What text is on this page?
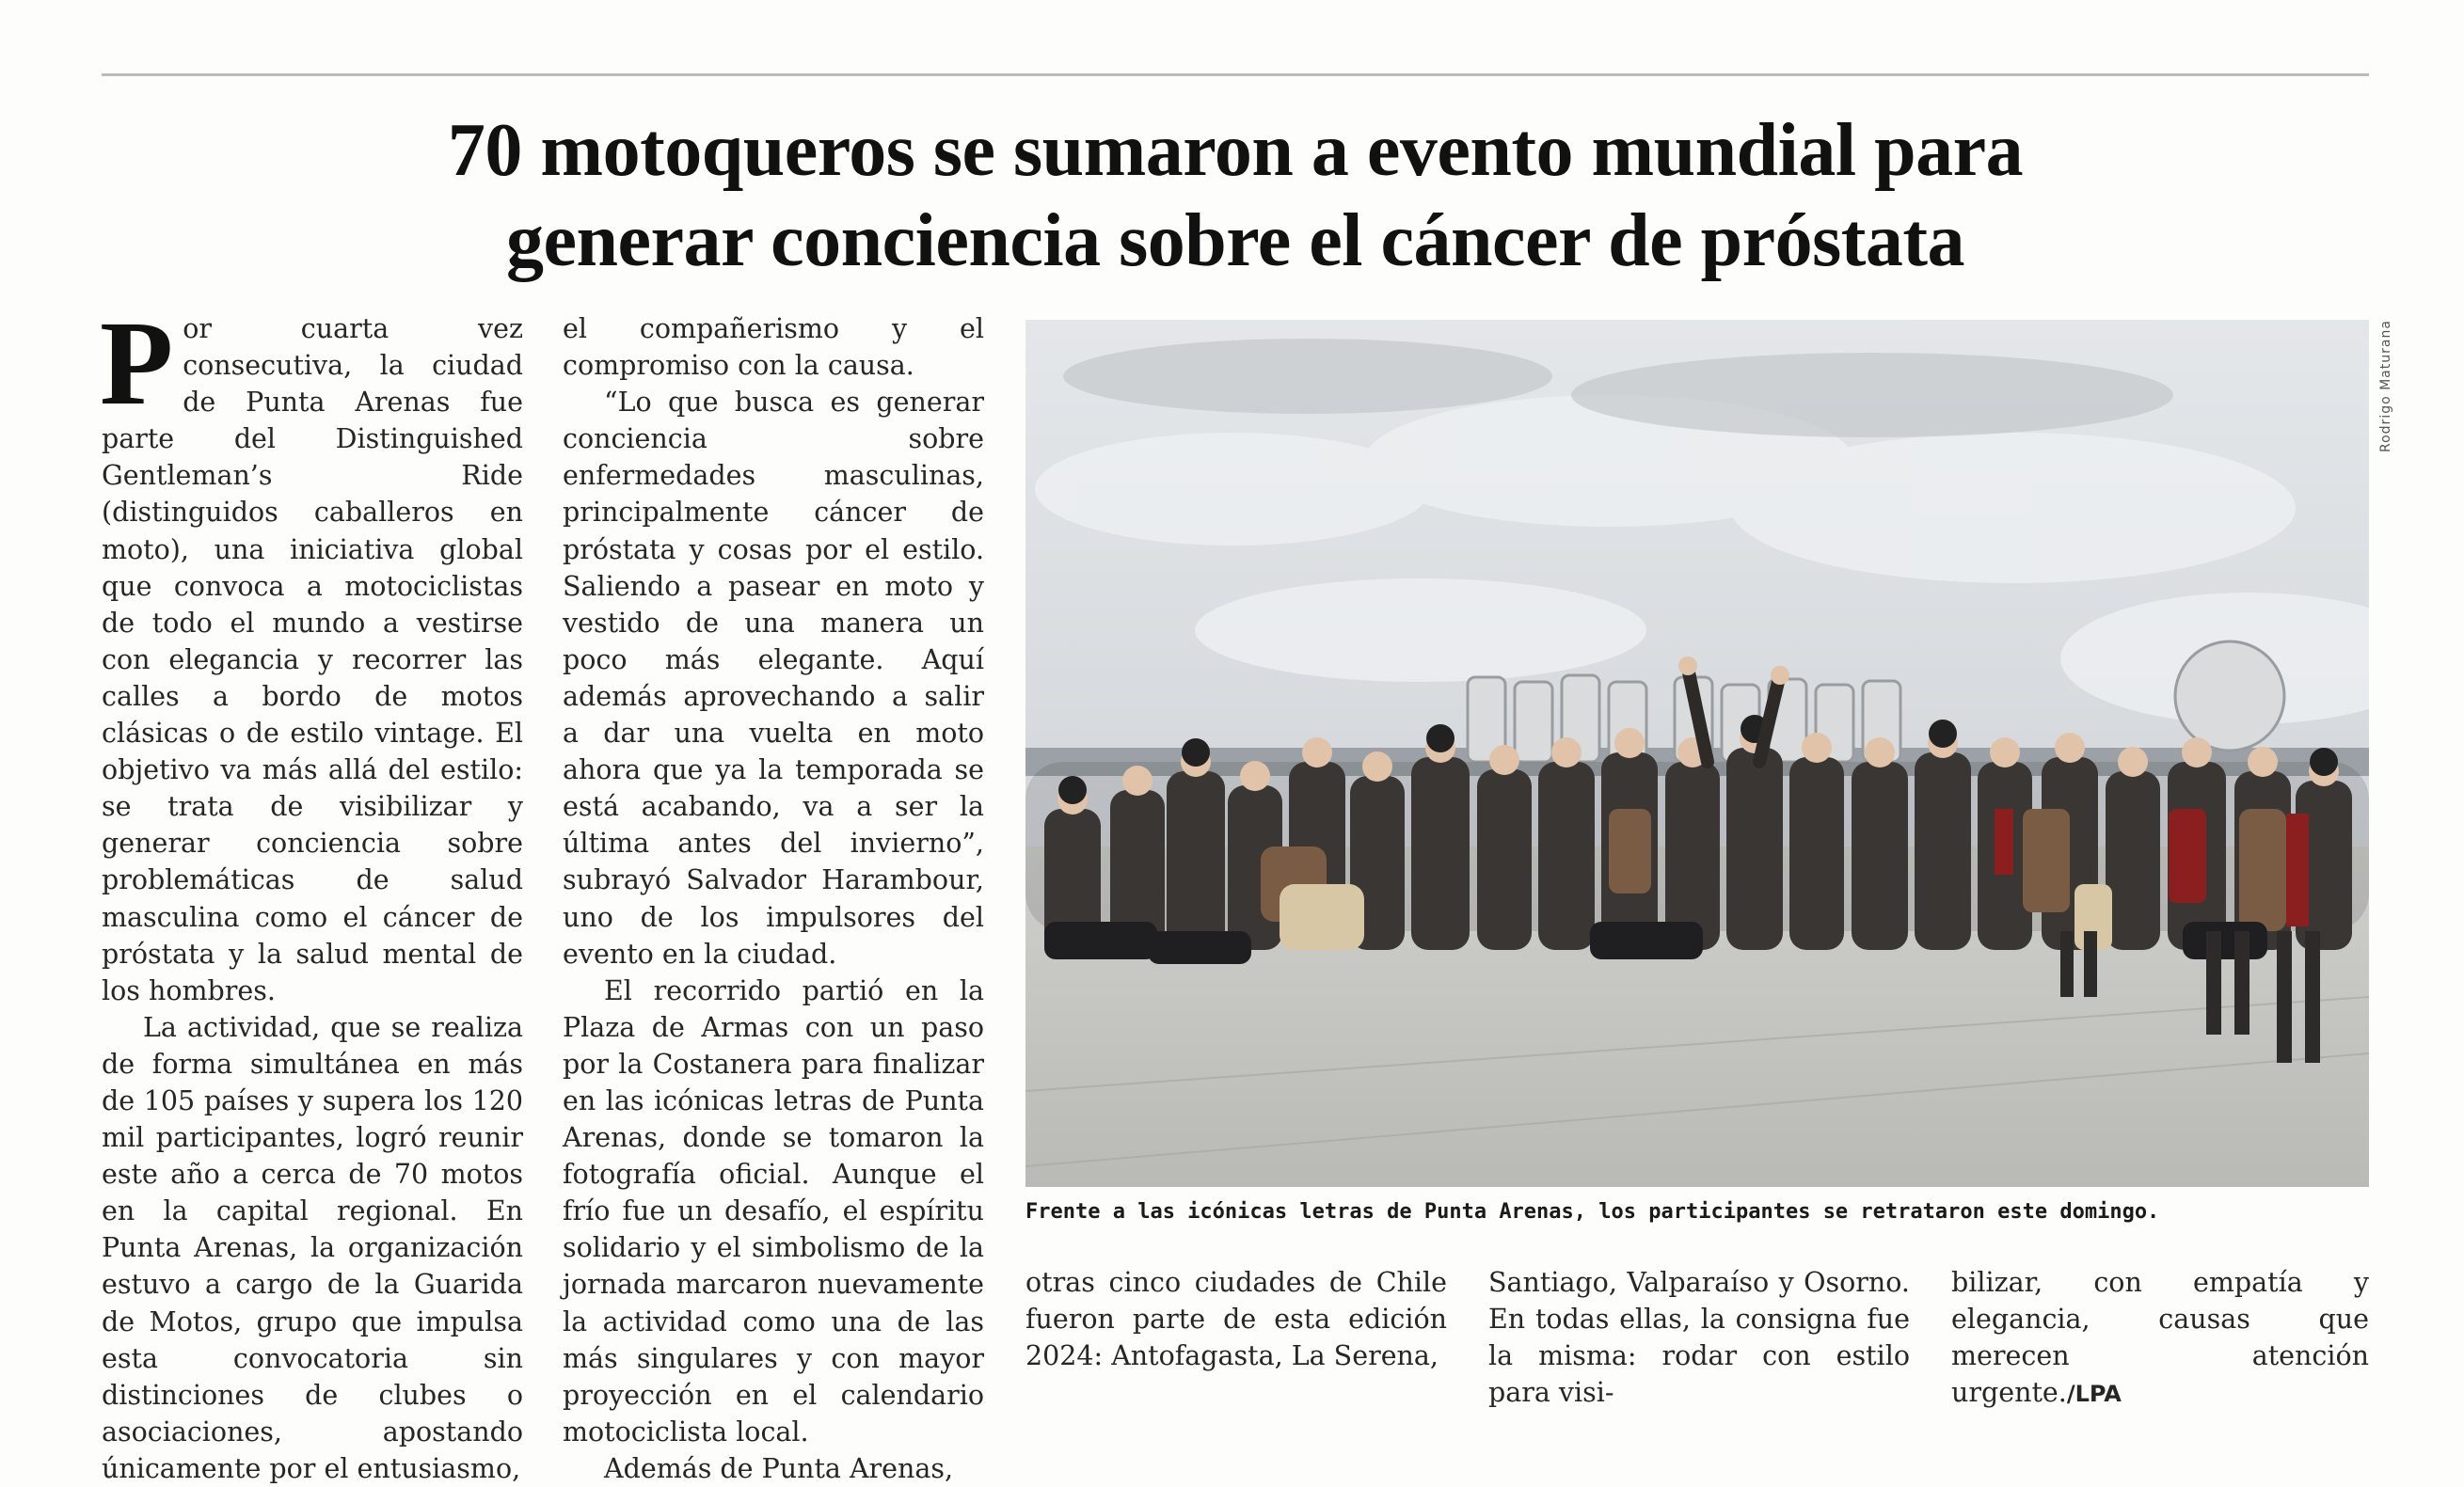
70 motoqueros se sumaron a evento mundial para
generar conciencia sobre el cáncer de próstata

Por cuarta vez consecutiva, la ciudad de Punta Arenas fue parte del Distinguished Gentleman’s Ride (distinguidos caballeros en moto), una iniciativa global que convoca a motociclistas de todo el mundo a vestirse con elegancia y recorrer las calles a bordo de motos clásicas o de estilo vintage. El objetivo va más allá del estilo: se trata de visibilizar y generar conciencia sobre problemáticas de salud masculina como el cáncer de próstata y la salud mental de los hombres.

La actividad, que se realiza de forma simultánea en más de 105 países y supera los 120 mil participantes, logró reunir este año a cerca de 70 motos en la capital regional. En Punta Arenas, la organización estuvo a cargo de la Guarida de Motos, grupo que impulsa esta convocatoria sin distinciones de clubes o asociaciones, apostando únicamente por el entusiasmo,

el compañerismo y el compromiso con la causa.

“Lo que busca es generar conciencia sobre enfermedades masculinas, principalmente cáncer de próstata y cosas por el estilo. Saliendo a pasear en moto y vestido de una manera un poco más elegante. Aquí además aprovechando a salir a dar una vuelta en moto ahora que ya la temporada se está acabando, va a ser la última antes del invierno”, subrayó Salvador Harambour, uno de los impulsores del evento en la ciudad.

El recorrido partió en la Plaza de Armas con un paso por la Costanera para finalizar en las icónicas letras de Punta Arenas, donde se tomaron la fotografía oficial. Aunque el frío fue un desafío, el espíritu solidario y el simbolismo de la jornada marcaron nuevamente la actividad como una de las más singulares y con mayor proyección en el calendario motociclista local.

Además de Punta Arenas,

Rodrigo Maturana
Frente a las icónicas letras de Punta Arenas, los participantes se retrataron este domingo.

otras cinco ciudades de Chile fueron parte de esta edición 2024: Antofagasta, La Serena,

Santiago, Valparaíso y Osorno. En todas ellas, la consigna fue la misma: rodar con estilo para visi-

bilizar, con empatía y elegancia, causas que merecen atención urgente./LPA
